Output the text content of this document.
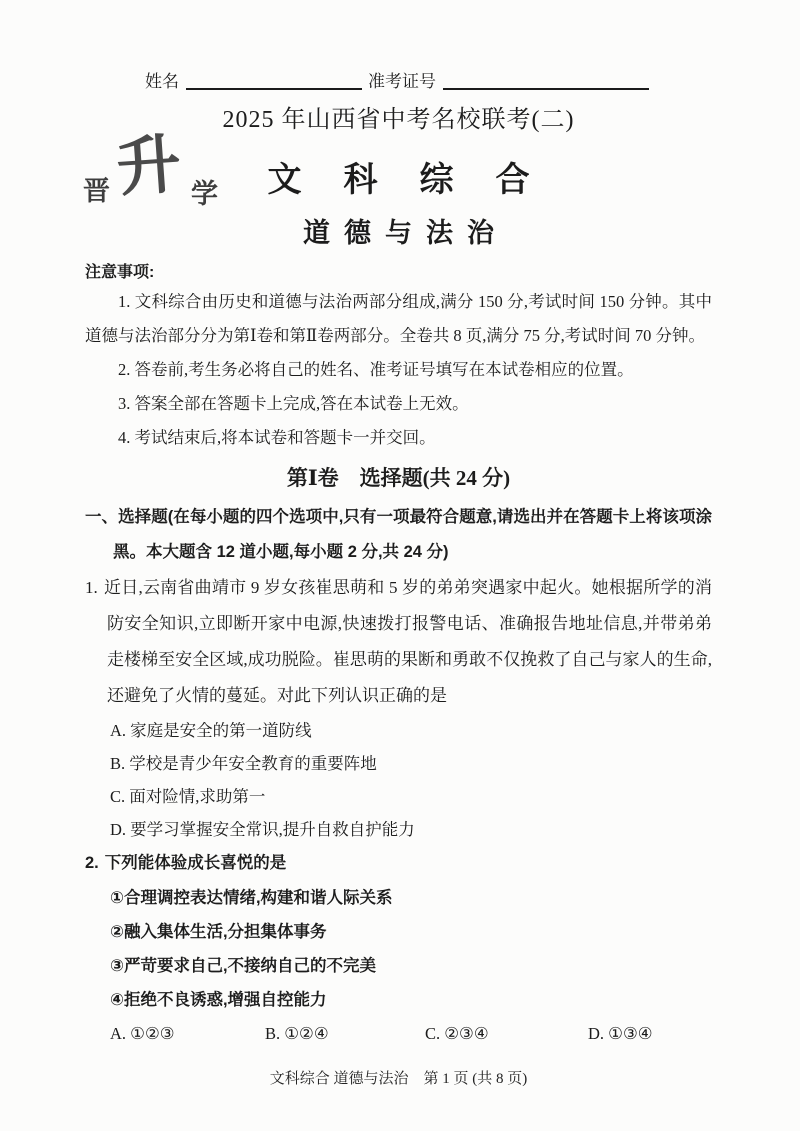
姓名	准考证号
2025 年山西省中考名校联考(二)
晋 升 学	文科综合
道德与法治
注意事项:

1. 文科综合由历史和道德与法治两部分组成,满分 150 分,考试时间 150 分钟。其中道德与法治部分分为第Ⅰ卷和第Ⅱ卷两部分。全卷共 8 页,满分 75 分,考试时间 70 分钟。

2. 答卷前,考生务必将自己的姓名、准考证号填写在本试卷相应的位置。

3. 答案全部在答题卡上完成,答在本试卷上无效。

4. 考试结束后,将本试卷和答题卡一并交回。

第Ⅰ卷　选择题(共 24 分)

一、选择题(在每小题的四个选项中,只有一项最符合题意,请选出并在答题卡上将该项涂黑。本大题含 12 道小题,每小题 2 分,共 24 分)

1. 近日,云南省曲靖市 9 岁女孩崔思萌和 5 岁的弟弟突遇家中起火。她根据所学的消防安全知识,立即断开家中电源,快速拨打报警电话、准确报告地址信息,并带弟弟走楼梯至安全区域,成功脱险。崔思萌的果断和勇敢不仅挽救了自己与家人的生命,还避免了火情的蔓延。对此下列认识正确的是

A. 家庭是安全的第一道防线

B. 学校是青少年安全教育的重要阵地

C. 面对险情,求助第一

D. 要学习掌握安全常识,提升自救自护能力

2. 下列能体验成长喜悦的是

①合理调控表达情绪,构建和谐人际关系

②融入集体生活,分担集体事务

③严苛要求自己,不接纳自己的不完美

④拒绝不良诱惑,增强自控能力

A. ①②③	B. ①②④	C. ②③④	D. ①③④
文科综合 道德与法治　第 1 页 (共 8 页)
